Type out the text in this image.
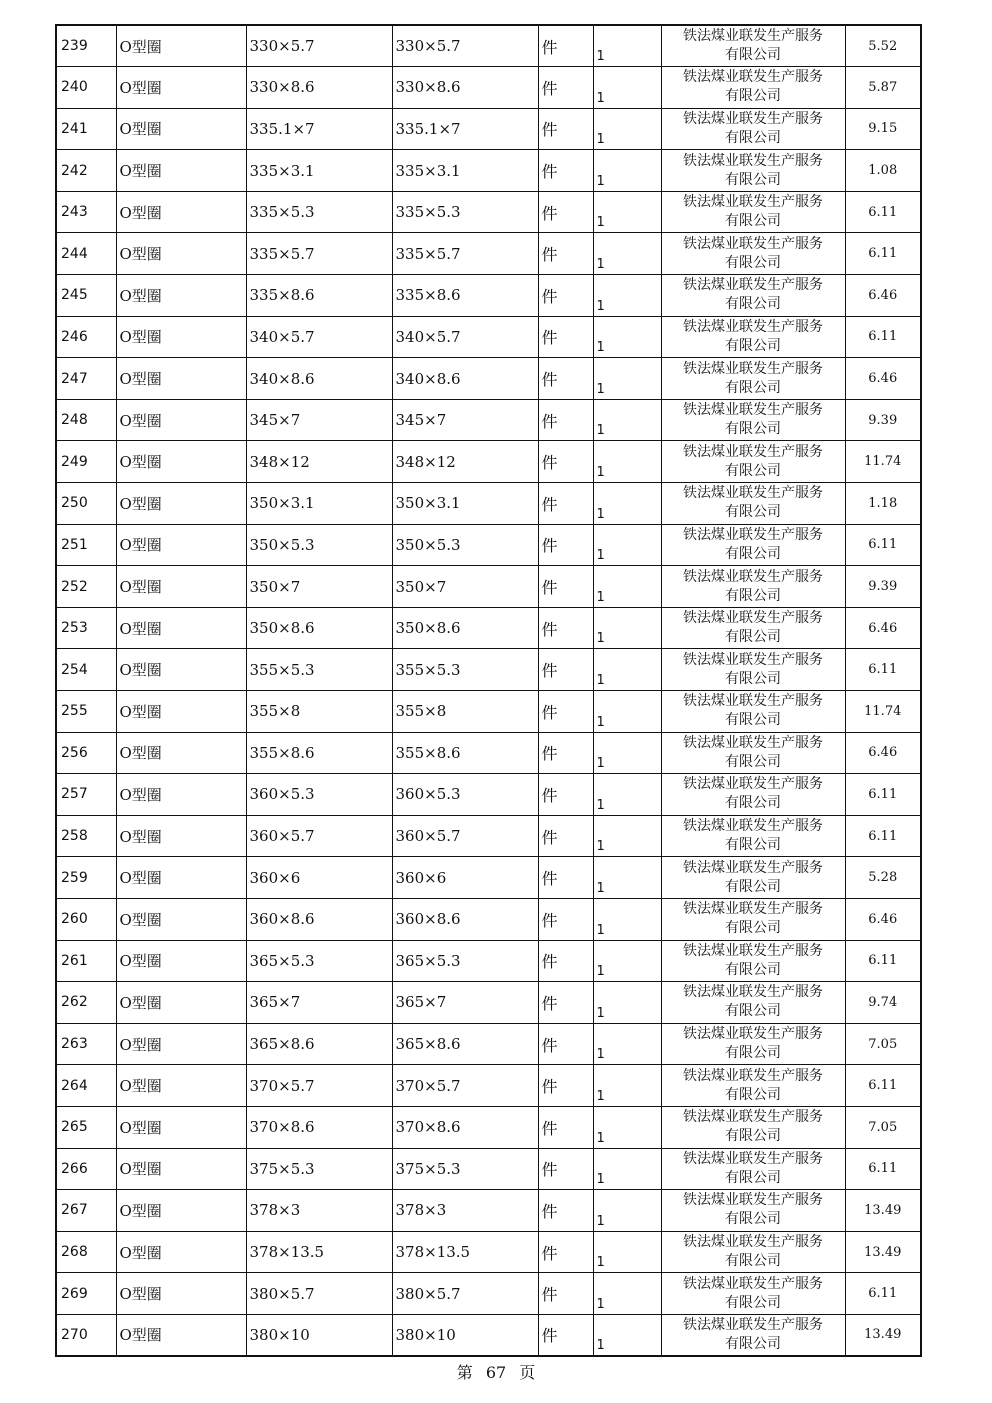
239	O型圈	330×5.7	330×5.7	件	1	铁法煤业联发生产服务
有限公司	5.52
240	O型圈	330×8.6	330×8.6	件	1	铁法煤业联发生产服务
有限公司	5.87
241	O型圈	335.1×7	335.1×7	件	1	铁法煤业联发生产服务
有限公司	9.15
242	O型圈	335×3.1	335×3.1	件	1	铁法煤业联发生产服务
有限公司	1.08
243	O型圈	335×5.3	335×5.3	件	1	铁法煤业联发生产服务
有限公司	6.11
244	O型圈	335×5.7	335×5.7	件	1	铁法煤业联发生产服务
有限公司	6.11
245	O型圈	335×8.6	335×8.6	件	1	铁法煤业联发生产服务
有限公司	6.46
246	O型圈	340×5.7	340×5.7	件	1	铁法煤业联发生产服务
有限公司	6.11
247	O型圈	340×8.6	340×8.6	件	1	铁法煤业联发生产服务
有限公司	6.46
248	O型圈	345×7	345×7	件	1	铁法煤业联发生产服务
有限公司	9.39
249	O型圈	348×12	348×12	件	1	铁法煤业联发生产服务
有限公司	11.74
250	O型圈	350×3.1	350×3.1	件	1	铁法煤业联发生产服务
有限公司	1.18
251	O型圈	350×5.3	350×5.3	件	1	铁法煤业联发生产服务
有限公司	6.11
252	O型圈	350×7	350×7	件	1	铁法煤业联发生产服务
有限公司	9.39
253	O型圈	350×8.6	350×8.6	件	1	铁法煤业联发生产服务
有限公司	6.46
254	O型圈	355×5.3	355×5.3	件	1	铁法煤业联发生产服务
有限公司	6.11
255	O型圈	355×8	355×8	件	1	铁法煤业联发生产服务
有限公司	11.74
256	O型圈	355×8.6	355×8.6	件	1	铁法煤业联发生产服务
有限公司	6.46
257	O型圈	360×5.3	360×5.3	件	1	铁法煤业联发生产服务
有限公司	6.11
258	O型圈	360×5.7	360×5.7	件	1	铁法煤业联发生产服务
有限公司	6.11
259	O型圈	360×6	360×6	件	1	铁法煤业联发生产服务
有限公司	5.28
260	O型圈	360×8.6	360×8.6	件	1	铁法煤业联发生产服务
有限公司	6.46
261	O型圈	365×5.3	365×5.3	件	1	铁法煤业联发生产服务
有限公司	6.11
262	O型圈	365×7	365×7	件	1	铁法煤业联发生产服务
有限公司	9.74
263	O型圈	365×8.6	365×8.6	件	1	铁法煤业联发生产服务
有限公司	7.05
264	O型圈	370×5.7	370×5.7	件	1	铁法煤业联发生产服务
有限公司	6.11
265	O型圈	370×8.6	370×8.6	件	1	铁法煤业联发生产服务
有限公司	7.05
266	O型圈	375×5.3	375×5.3	件	1	铁法煤业联发生产服务
有限公司	6.11
267	O型圈	378×3	378×3	件	1	铁法煤业联发生产服务
有限公司	13.49
268	O型圈	378×13.5	378×13.5	件	1	铁法煤业联发生产服务
有限公司	13.49
269	O型圈	380×5.7	380×5.7	件	1	铁法煤业联发生产服务
有限公司	6.11
270	O型圈	380×10	380×10	件	1	铁法煤业联发生产服务
有限公司	13.49
第 67 页
